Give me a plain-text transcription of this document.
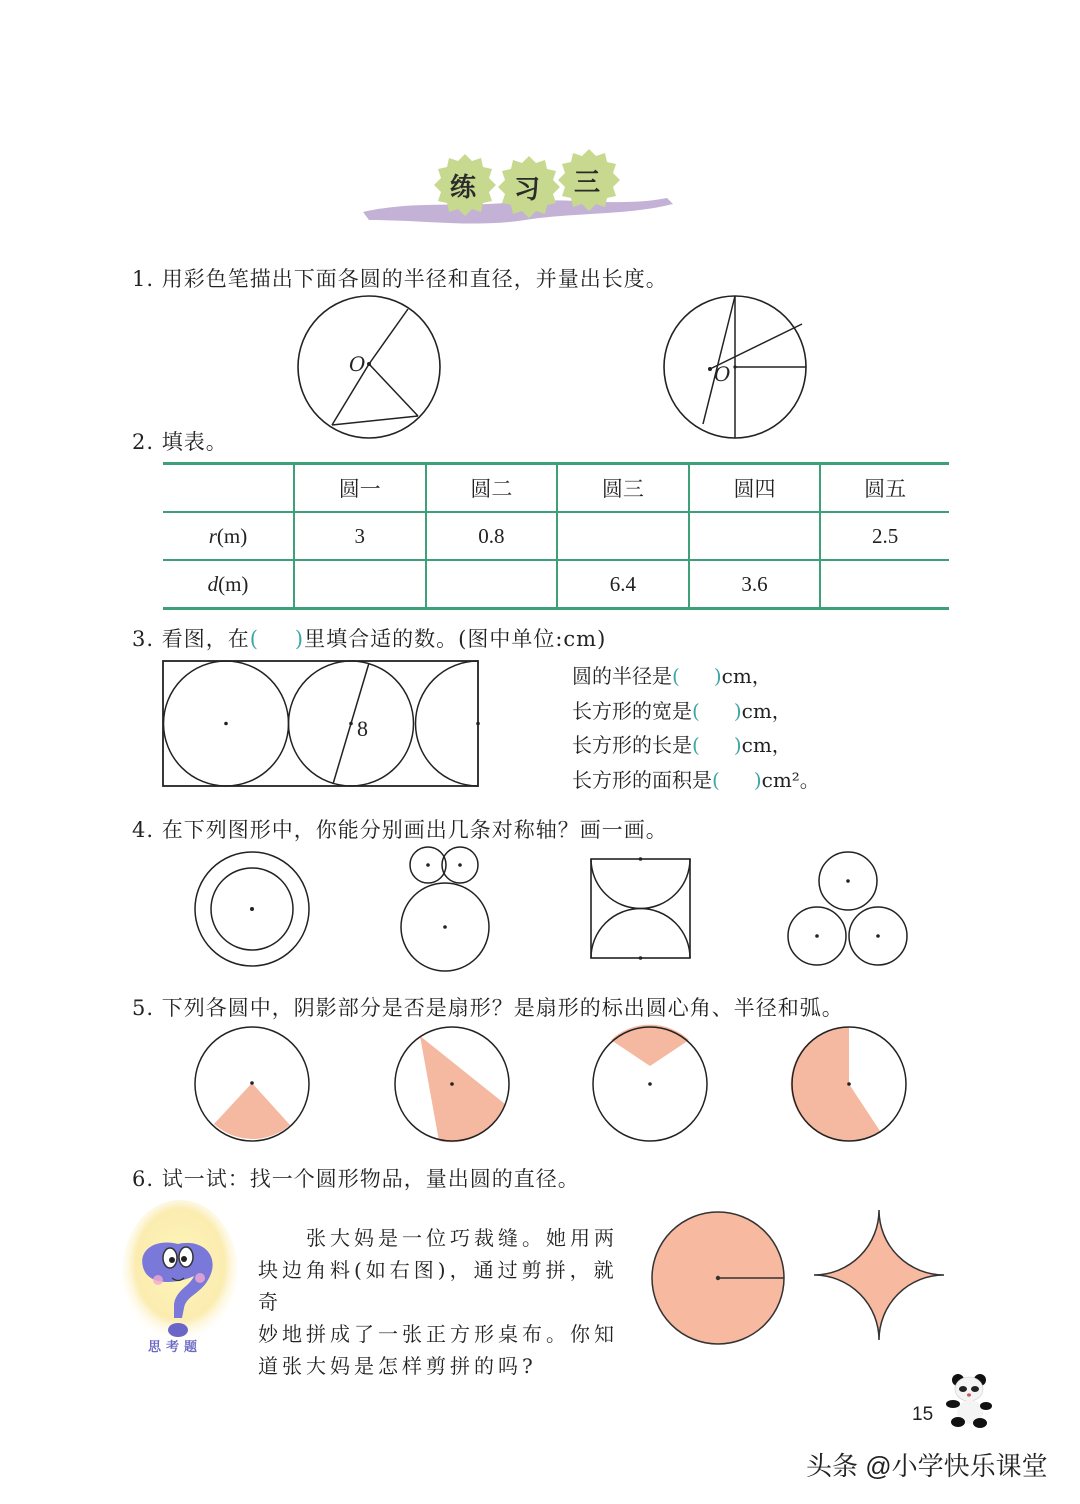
练 习 三
1. 用彩色笔描出下面各圆的半径和直径，并量出长度。
O	O
2. 填表。
	圆一	圆二	圆三	圆四	圆五
r(m)	3	0.8			2.5
d(m)			6.4	3.6	
3. 看图，在( )里填合适的数。(图中单位:cm)
8
圆的半径是( )cm，
长方形的宽是( )cm，
长方形的长是( )cm，
长方形的面积是( )cm²。
4. 在下列图形中，你能分别画出几条对称轴？画一画。
5. 下列各圆中，阴影部分是否是扇形？是扇形的标出圆心角、半径和弧。
6. 试一试：找一个圆形物品，量出圆的直径。
思考题

　　张大妈是一位巧裁缝。她用两

块边角料(如右图)，通过剪拼，就奇

妙地拼成了一张正方形桌布。你知

道张大妈是怎样剪拼的吗?

15
头条 @小学快乐课堂
